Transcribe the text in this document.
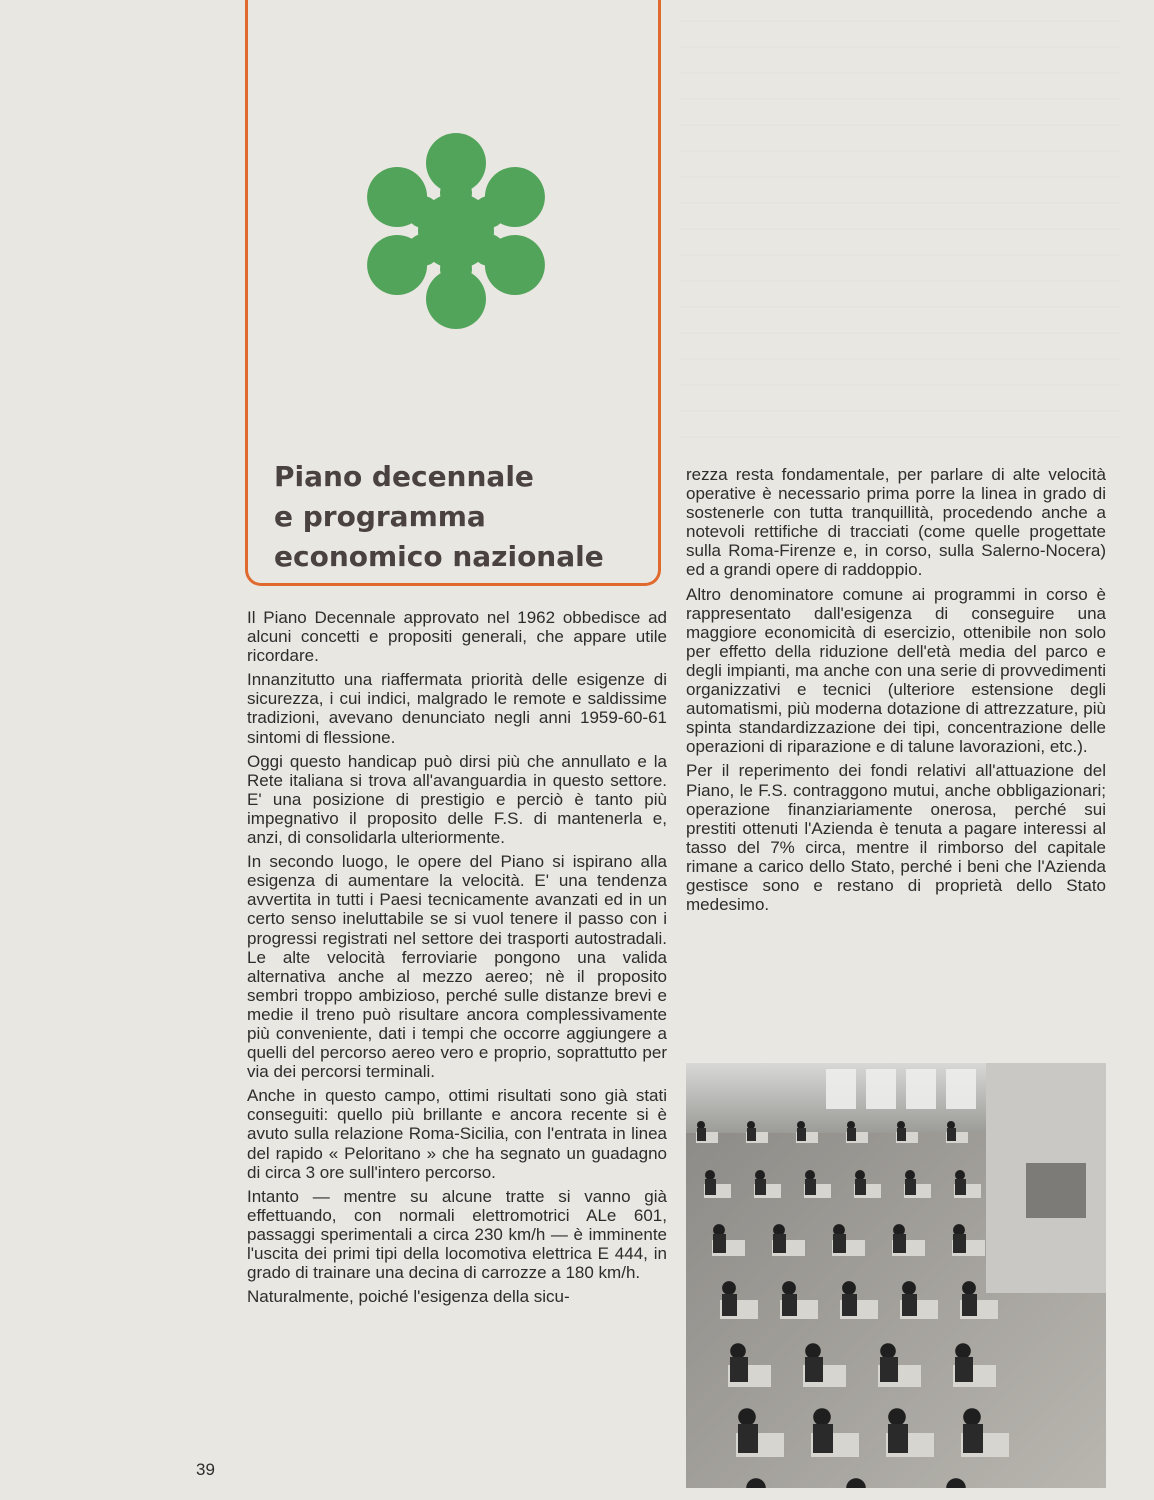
Piano decennale
e programma
economico nazionale

Il Piano Decennale approvato nel 1962 obbedisce ad alcuni concetti e propositi generali, che appare utile ricordare.

Innanzitutto una riaffermata priorità delle esigenze di sicurezza, i cui indici, malgrado le remote e saldissime tradizioni, avevano denunciato negli anni 1959-60-61 sintomi di flessione.

Oggi questo handicap può dirsi più che annullato e la Rete italiana si trova all'avanguardia in questo settore. E' una posizione di prestigio e perciò è tanto più impegnativo il proposito delle F.S. di mantenerla e, anzi, di consolidarla ulteriormente.

In secondo luogo, le opere del Piano si ispirano alla esigenza di aumentare la velocità. E' una tendenza avvertita in tutti i Paesi tecnicamente avanzati ed in un certo senso ineluttabile se si vuol tenere il passo con i progressi registrati nel settore dei trasporti autostradali. Le alte velocità ferroviarie pongono una valida alternativa anche al mezzo aereo; nè il proposito sembri troppo ambizioso, perché sulle distanze brevi e medie il treno può risultare ancora complessivamente più conveniente, dati i tempi che occorre aggiungere a quelli del percorso aereo vero e proprio, soprattutto per via dei percorsi terminali.

Anche in questo campo, ottimi risultati sono già stati conseguiti: quello più brillante e ancora recente si è avuto sulla relazione Roma-Sicilia, con l'entrata in linea del rapido « Peloritano » che ha segnato un guadagno di circa 3 ore sull'intero percorso.

Intanto — mentre su alcune tratte si vanno già effettuando, con normali elettromotrici ALe 601, passaggi sperimentali a circa 230 km/h — è imminente l'uscita dei primi tipi della locomotiva elettrica E 444, in grado di trainare una decina di carrozze a 180 km/h.

Naturalmente, poiché l'esigenza della sicu-

rezza resta fondamentale, per parlare di alte velocità operative è necessario prima porre la linea in grado di sostenerle con tutta tranquillità, procedendo anche a notevoli rettifiche di tracciati (come quelle progettate sulla Roma-Firenze e, in corso, sulla Salerno-Nocera) ed a grandi opere di raddoppio.

Altro denominatore comune ai programmi in corso è rappresentato dall'esigenza di conseguire una maggiore economicità di esercizio, ottenibile non solo per effetto della riduzione dell'età media del parco e degli impianti, ma anche con una serie di provvedimenti organizzativi e tecnici (ulteriore estensione degli automatismi, più moderna dotazione di attrezzature, più spinta standardizzazione dei tipi, concentrazione delle operazioni di riparazione e di talune lavorazioni, etc.).

Per il reperimento dei fondi relativi all'attuazione del Piano, le F.S. contraggono mutui, anche obbligazionari; operazione finanziariamente onerosa, perché sui prestiti ottenuti l'Azienda è tenuta a pagare interessi al tasso del 7% circa, mentre il rimborso del capitale rimane a carico dello Stato, perché i beni che l'Azienda gestisce sono e restano di proprietà dello Stato medesimo.

39
